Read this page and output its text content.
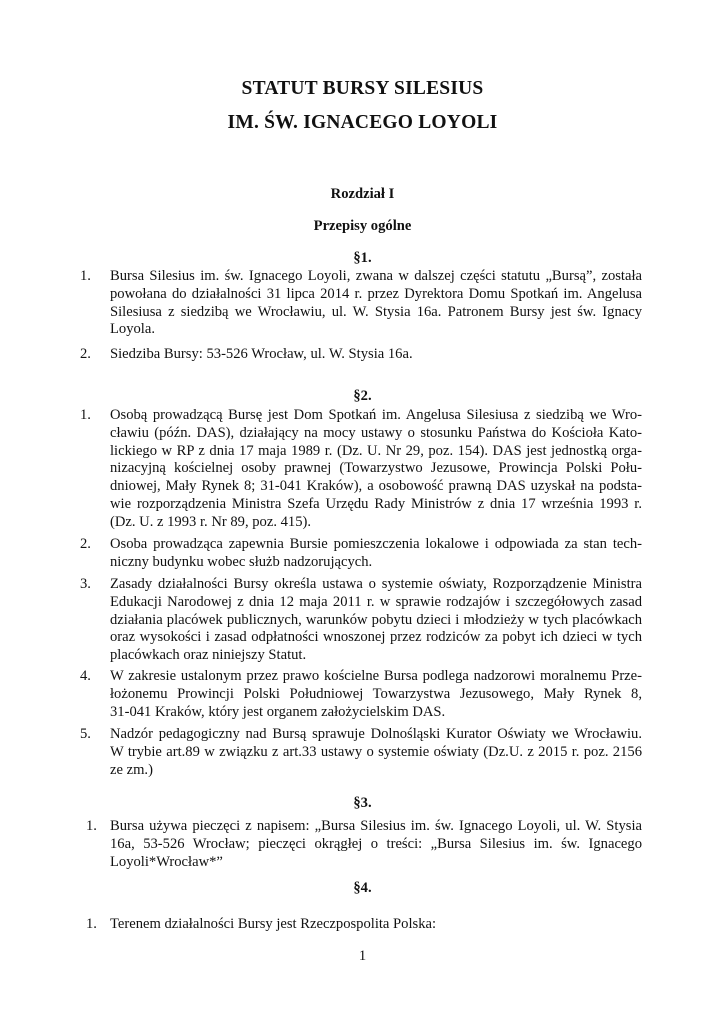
STATUT BURSY SILESIUS
IM. ŚW. IGNACEGO LOYOLI
Rozdział I
Przepisy ogólne
§1.
1. Bursa Silesius im. św. Ignacego Loyoli, zwana w dalszej części statutu „Bursą”, została
powołana do działalności 31 lipca 2014 r. przez Dyrektora Domu Spotkań im. Angelusa
Silesiusa z siedzibą we Wrocławiu, ul. W. Stysia 16a. Patronem Bursy jest św. Ignacy
Loyola.
2. Siedziba Bursy: 53-526 Wrocław, ul. W. Stysia 16a.
§2.
1. Osobą prowadzącą Bursę jest Dom Spotkań im. Angelusa Silesiusa z siedzibą we Wro-
cławiu (późn. DAS), działający na mocy ustawy o stosunku Państwa do Kościoła Kato-
lickiego w RP z dnia 17 maja 1989 r. (Dz. U. Nr 29, poz. 154). DAS jest jednostką orga-
nizacyjną kościelnej osoby prawnej (Towarzystwo Jezusowe, Prowincja Polski Połu-
dniowej, Mały Rynek 8; 31-041 Kraków), a osobowość prawną DAS uzyskał na podsta-
wie rozporządzenia Ministra Szefa Urzędu Rady Ministrów z dnia 17 września 1993 r.
(Dz. U. z 1993 r. Nr 89, poz. 415).
2. Osoba prowadząca zapewnia Bursie pomieszczenia lokalowe i odpowiada za stan tech-
niczny budynku wobec służb nadzorujących.
3. Zasady działalności Bursy określa ustawa o systemie oświaty, Rozporządzenie Ministra
Edukacji Narodowej z dnia 12 maja 2011 r. w sprawie rodzajów i szczegółowych zasad
działania placówek publicznych, warunków pobytu dzieci i młodzieży w tych placówkach
oraz wysokości i zasad odpłatności wnoszonej przez rodziców za pobyt ich dzieci w tych
placówkach oraz niniejszy Statut.
4. W zakresie ustalonym przez prawo kościelne Bursa podlega nadzorowi moralnemu Prze-
łożonemu Prowincji Polski Południowej Towarzystwa Jezusowego, Mały Rynek 8,
31-041 Kraków, który jest organem założycielskim DAS.
5. Nadzór pedagogiczny nad Bursą sprawuje Dolnośląski Kurator Oświaty we Wrocławiu.
W trybie art.89 w związku z art.33 ustawy o systemie oświaty (Dz.U. z 2015 r. poz. 2156
ze zm.)
§3.
1. Bursa używa pieczęci z napisem: „Bursa Silesius im. św. Ignacego Loyoli, ul. W. Stysia
16a, 53-526 Wrocław; pieczęci okrągłej o treści: „Bursa Silesius im. św. Ignacego
Loyoli*Wrocław*”
§4.
1. Terenem działalności Bursy jest Rzeczpospolita Polska:
1
